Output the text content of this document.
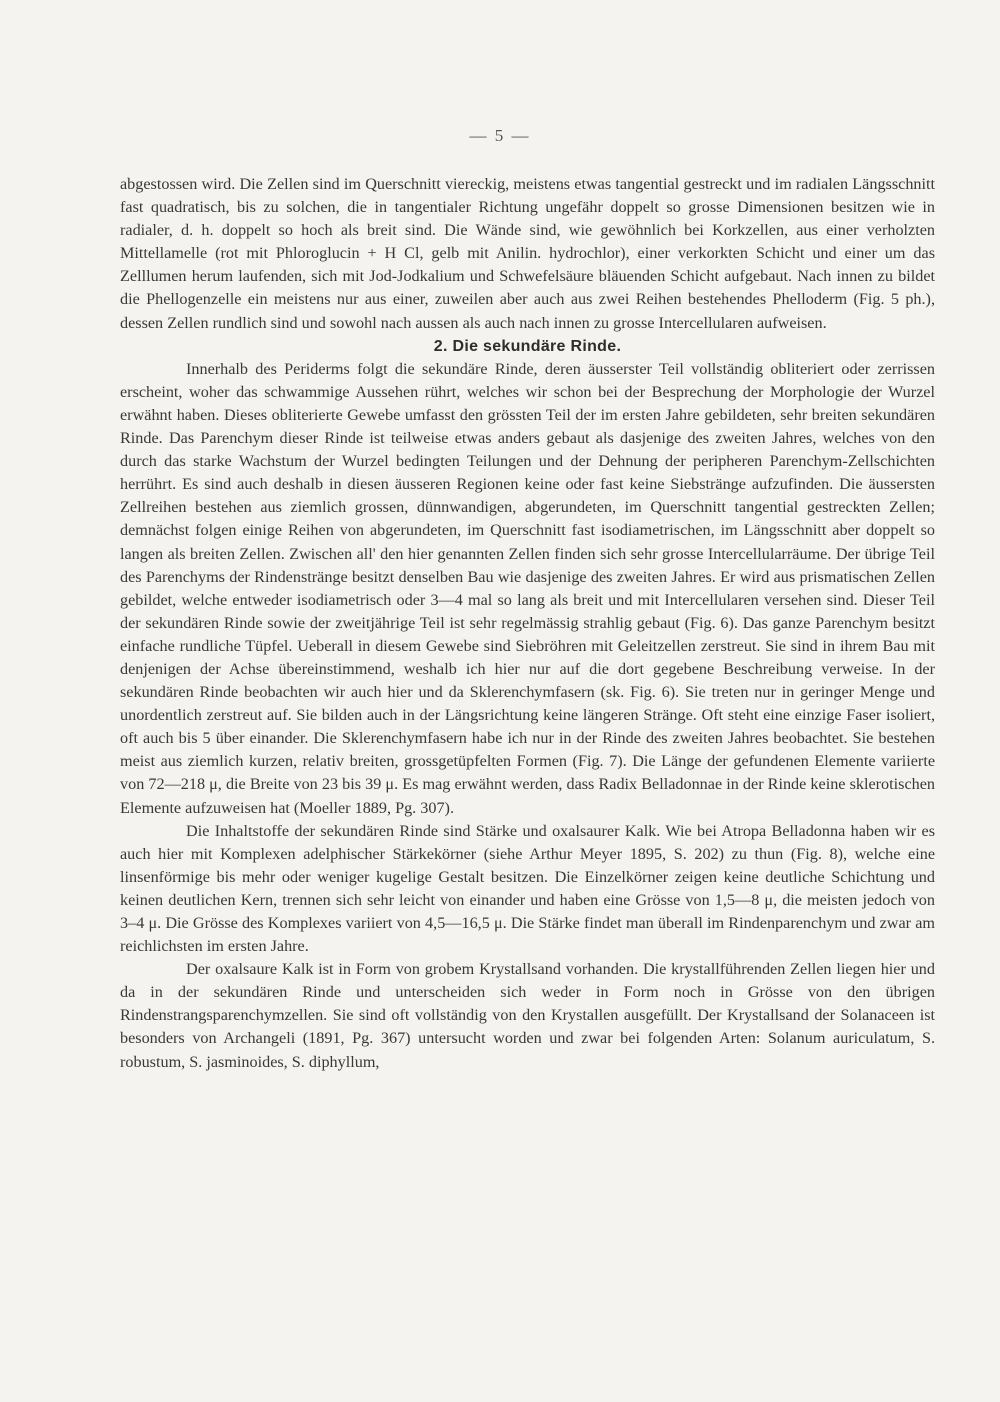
— 5 —

abgestossen wird. Die Zellen sind im Querschnitt viereckig, meistens etwas tangential gestreckt und im radialen Längsschnitt fast quadratisch, bis zu solchen, die in tangentialer Richtung ungefähr doppelt so grosse Dimensionen besitzen wie in radialer, d. h. doppelt so hoch als breit sind. Die Wände sind, wie gewöhnlich bei Korkzellen, aus einer verholzten Mittellamelle (rot mit Phloroglucin + H Cl, gelb mit Anilin. hydrochlor), einer verkorkten Schicht und einer um das Zelllumen herum laufenden, sich mit Jod-Jodkalium und Schwefelsäure bläuenden Schicht aufgebaut. Nach innen zu bildet die Phellogenzelle ein meistens nur aus einer, zuweilen aber auch aus zwei Reihen bestehendes Phelloderm (Fig. 5 ph.), dessen Zellen rundlich sind und sowohl nach aussen als auch nach innen zu grosse Intercellularen aufweisen.

2. Die sekundäre Rinde.

Innerhalb des Periderms folgt die sekundäre Rinde, deren äusserster Teil vollständig obliteriert oder zerrissen erscheint, woher das schwammige Aussehen rührt, welches wir schon bei der Besprechung der Morphologie der Wurzel erwähnt haben. Dieses obliterierte Gewebe umfasst den grössten Teil der im ersten Jahre gebildeten, sehr breiten sekundären Rinde. Das Parenchym dieser Rinde ist teilweise etwas anders gebaut als dasjenige des zweiten Jahres, welches von den durch das starke Wachstum der Wurzel bedingten Teilungen und der Dehnung der peripheren Parenchym-Zellschichten herrührt. Es sind auch deshalb in diesen äusseren Regionen keine oder fast keine Siebstränge aufzufinden. Die äussersten Zellreihen bestehen aus ziemlich grossen, dünnwandigen, abgerundeten, im Querschnitt tangential gestreckten Zellen; demnächst folgen einige Reihen von abgerundeten, im Querschnitt fast isodiametrischen, im Längsschnitt aber doppelt so langen als breiten Zellen. Zwischen all' den hier genannten Zellen finden sich sehr grosse Intercellularräume. Der übrige Teil des Parenchyms der Rindenstränge besitzt denselben Bau wie dasjenige des zweiten Jahres. Er wird aus prismatischen Zellen gebildet, welche entweder isodiametrisch oder 3—4 mal so lang als breit und mit Intercellularen versehen sind. Dieser Teil der sekundären Rinde sowie der zweitjährige Teil ist sehr regelmässig strahlig gebaut (Fig. 6). Das ganze Parenchym besitzt einfache rundliche Tüpfel. Ueberall in diesem Gewebe sind Siebröhren mit Geleitzellen zerstreut. Sie sind in ihrem Bau mit denjenigen der Achse übereinstimmend, weshalb ich hier nur auf die dort gegebene Beschreibung verweise. In der sekundären Rinde beobachten wir auch hier und da Sklerenchymfasern (sk. Fig. 6). Sie treten nur in geringer Menge und unordentlich zerstreut auf. Sie bilden auch in der Längsrichtung keine längeren Stränge. Oft steht eine einzige Faser isoliert, oft auch bis 5 über einander. Die Sklerenchymfasern habe ich nur in der Rinde des zweiten Jahres beobachtet. Sie bestehen meist aus ziemlich kurzen, relativ breiten, grossgetüpfelten Formen (Fig. 7). Die Länge der gefundenen Elemente variierte von 72—218 μ, die Breite von 23 bis 39 μ. Es mag erwähnt werden, dass Radix Belladonnae in der Rinde keine sklerotischen Elemente aufzuweisen hat (Moeller 1889, Pg. 307).

Die Inhaltstoffe der sekundären Rinde sind Stärke und oxalsaurer Kalk. Wie bei Atropa Belladonna haben wir es auch hier mit Komplexen adelphischer Stärkekörner (siehe Arthur Meyer 1895, S. 202) zu thun (Fig. 8), welche eine linsenförmige bis mehr oder weniger kugelige Gestalt besitzen. Die Einzelkörner zeigen keine deutliche Schichtung und keinen deutlichen Kern, trennen sich sehr leicht von einander und haben eine Grösse von 1,5—8 μ, die meisten jedoch von 3–4 μ. Die Grösse des Komplexes variiert von 4,5—16,5 μ. Die Stärke findet man überall im Rindenparenchym und zwar am reichlichsten im ersten Jahre.

Der oxalsaure Kalk ist in Form von grobem Krystallsand vorhanden. Die krystallführenden Zellen liegen hier und da in der sekundären Rinde und unterscheiden sich weder in Form noch in Grösse von den übrigen Rindenstrangsparenchymzellen. Sie sind oft vollständig von den Krystallen ausgefüllt. Der Krystallsand der Solanaceen ist besonders von Archangeli (1891, Pg. 367) untersucht worden und zwar bei folgenden Arten: Solanum auriculatum, S. robustum, S. jasminoides, S. diphyllum,
